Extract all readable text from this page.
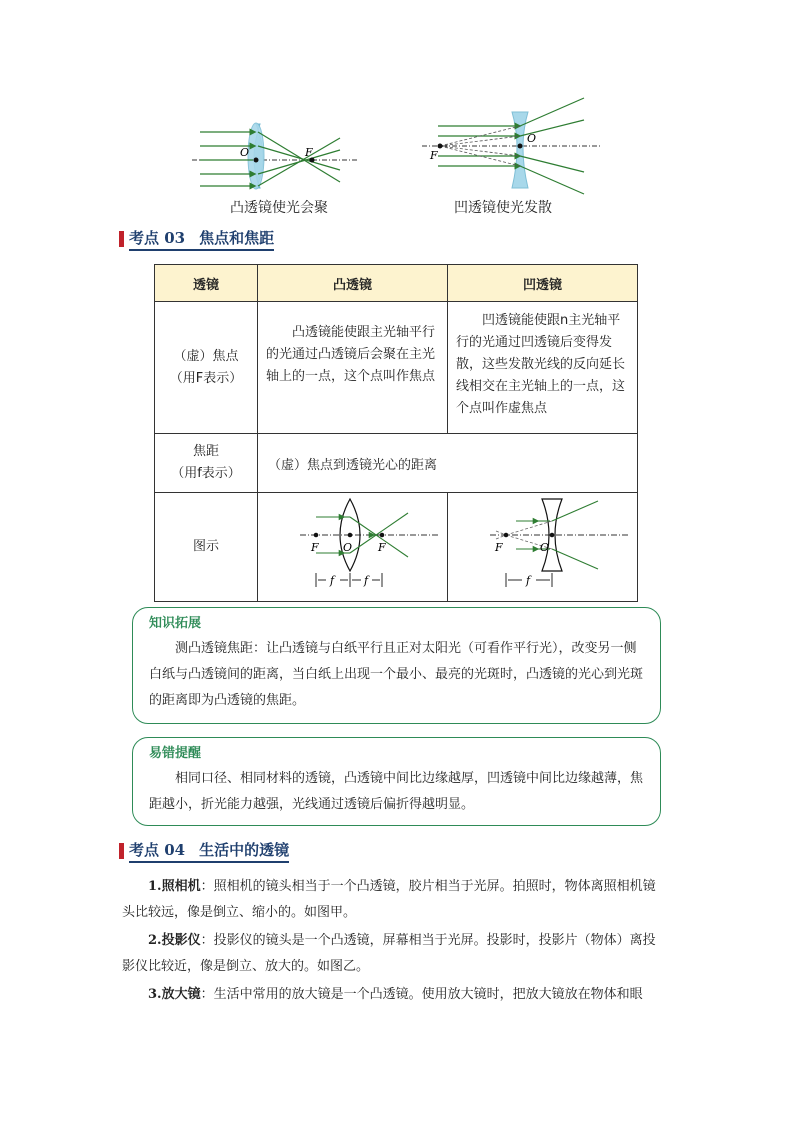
O	F
凸透镜使光会聚
F
O
凹透镜使光发散
考点 03 焦点和焦距
透镜	凸透镜	凹透镜

（虚）焦点
（用F表示）	凸透镜能使跟主光轴平行的光通过凸透镜后会聚在主光轴上的一点，这个点叫作焦点	凹透镜能使跟n主光轴平行的光通过凹透镜后变得发散，这些发散光线的反向延长线相交在主光轴上的一点，这个点叫作虚焦点

焦距
（用f表示）	（虚）焦点到透镜光心的距离	
图示	F O F
f f	F O
f
知识拓展
测凸透镜焦距：让凸透镜与白纸平行且正对太阳光（可看作平行光），改变另一侧白纸与凸透镜间的距离，当白纸上出现一个最小、最亮的光斑时，凸透镜的光心到光斑的距离即为凸透镜的焦距。
易错提醒
相同口径、相同材料的透镜，凸透镜中间比边缘越厚，凹透镜中间比边缘越薄，焦距越小，折光能力越强，光线通过透镜后偏折得越明显。
考点 04 生活中的透镜
1.照相机：照相机的镜头相当于一个凸透镜，胶片相当于光屏。拍照时，物体离照相机镜头比较远，像是倒立、缩小的。如图甲。
2.投影仪：投影仪的镜头是一个凸透镜，屏幕相当于光屏。投影时，投影片（物体）离投影仪比较近，像是倒立、放大的。如图乙。
3.放大镜：生活中常用的放大镜是一个凸透镜。使用放大镜时，把放大镜放在物体和眼
